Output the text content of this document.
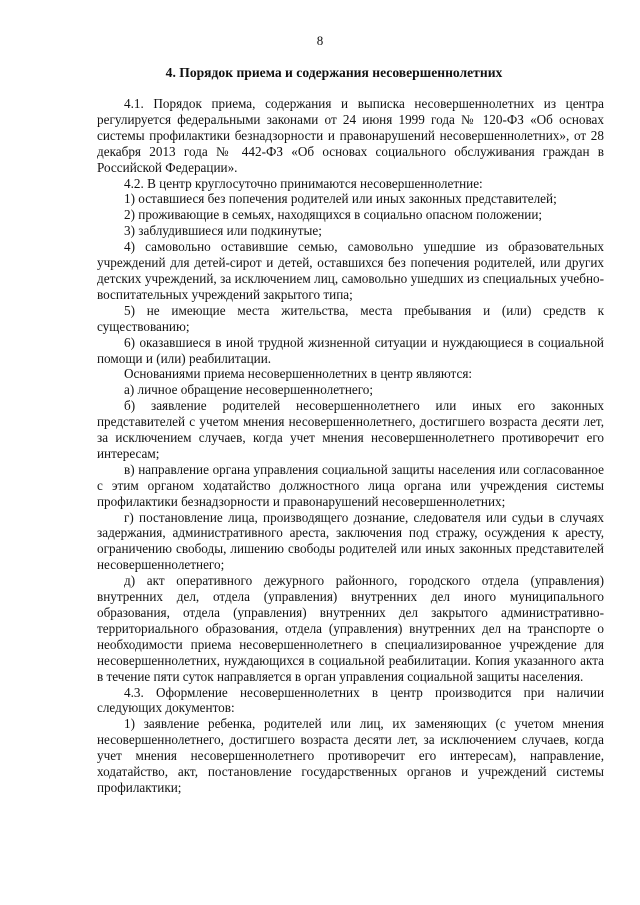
8
4. Порядок приема и содержания несовершеннолетних

4.1. Порядок приема, содержания и выписка несовершеннолетних из центра регулируется федеральными законами от 24 июня 1999 года № 120-ФЗ «Об основах системы профилактики безнадзорности и правонарушений несовершеннолетних», от 28 декабря 2013 года № 442-ФЗ «Об основах социального обслуживания граждан в Российской Федерации».

4.2. В центр круглосуточно принимаются несовершеннолетние:

1) оставшиеся без попечения родителей или иных законных представителей;

2) проживающие в семьях, находящихся в социально опасном положении;

3) заблудившиеся или подкинутые;

4) самовольно оставившие семью, самовольно ушедшие из образовательных учреждений для детей-сирот и детей, оставшихся без попечения родителей, или других детских учреждений, за исключением лиц, самовольно ушедших из специальных учебно-воспитательных учреждений закрытого типа;

5) не имеющие места жительства, места пребывания и (или) средств к существованию;

6) оказавшиеся в иной трудной жизненной ситуации и нуждающиеся в социальной помощи и (или) реабилитации.

Основаниями приема несовершеннолетних в центр являются:

а) личное обращение несовершеннолетнего;

б) заявление родителей несовершеннолетнего или иных его законных представителей с учетом мнения несовершеннолетнего, достигшего возраста десяти лет, за исключением случаев, когда учет мнения несовершеннолетнего противоречит его интересам;

в) направление органа управления социальной защиты населения или согласованное с этим органом ходатайство должностного лица органа или учреждения системы профилактики безнадзорности и правонарушений несовершеннолетних;

г) постановление лица, производящего дознание, следователя или судьи в случаях задержания, административного ареста, заключения под стражу, осуждения к аресту, ограничению свободы, лишению свободы родителей или иных законных представителей несовершеннолетнего;

д) акт оперативного дежурного районного, городского отдела (управления) внутренних дел, отдела (управления) внутренних дел иного муниципального образования, отдела (управления) внутренних дел закрытого административно-территориального образования, отдела (управления) внутренних дел на транспорте о необходимости приема несовершеннолетнего в специализированное учреждение для несовершеннолетних, нуждающихся в социальной реабилитации. Копия указанного акта в течение пяти суток направляется в орган управления социальной защиты населения.

4.3. Оформление несовершеннолетних в центр производится при наличии следующих документов:

1) заявление ребенка, родителей или лиц, их заменяющих (с учетом мнения несовершеннолетнего, достигшего возраста десяти лет, за исключением случаев, когда учет мнения несовершеннолетнего противоречит его интересам), направление, ходатайство, акт, постановление государственных органов и учреждений системы профилактики;
